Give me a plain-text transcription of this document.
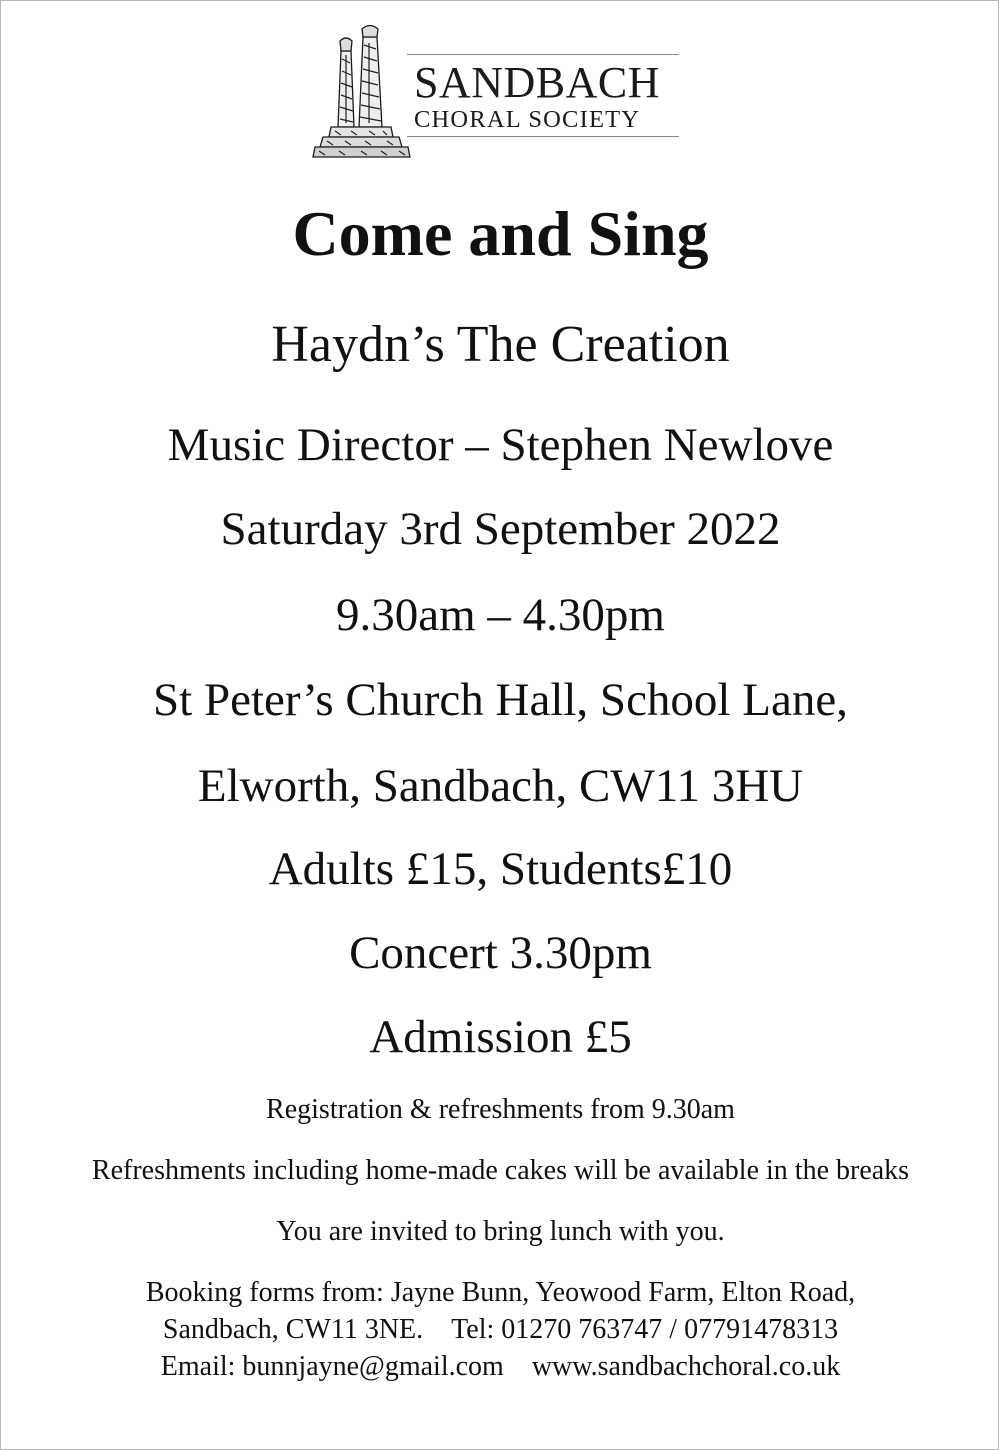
SANDBACH
CHORAL SOCIETY
Come and Sing
Haydn’s The Creation
Music Director – Stephen Newlove
Saturday 3rd September 2022
9.30am – 4.30pm
St Peter’s Church Hall, School Lane,
Elworth, Sandbach, CW11 3HU
Adults £15, Students£10
Concert 3.30pm
Admission £5
Registration & refreshments from 9.30am
Refreshments including home-made cakes will be available in the breaks
You are invited to bring lunch with you.
Booking forms from: Jayne Bunn, Yeowood Farm, Elton Road,
Sandbach, CW11 3NE. Tel: 01270 763747 / 07791478313
Email: bunnjayne@gmail.com www.sandbachchoral.co.uk
